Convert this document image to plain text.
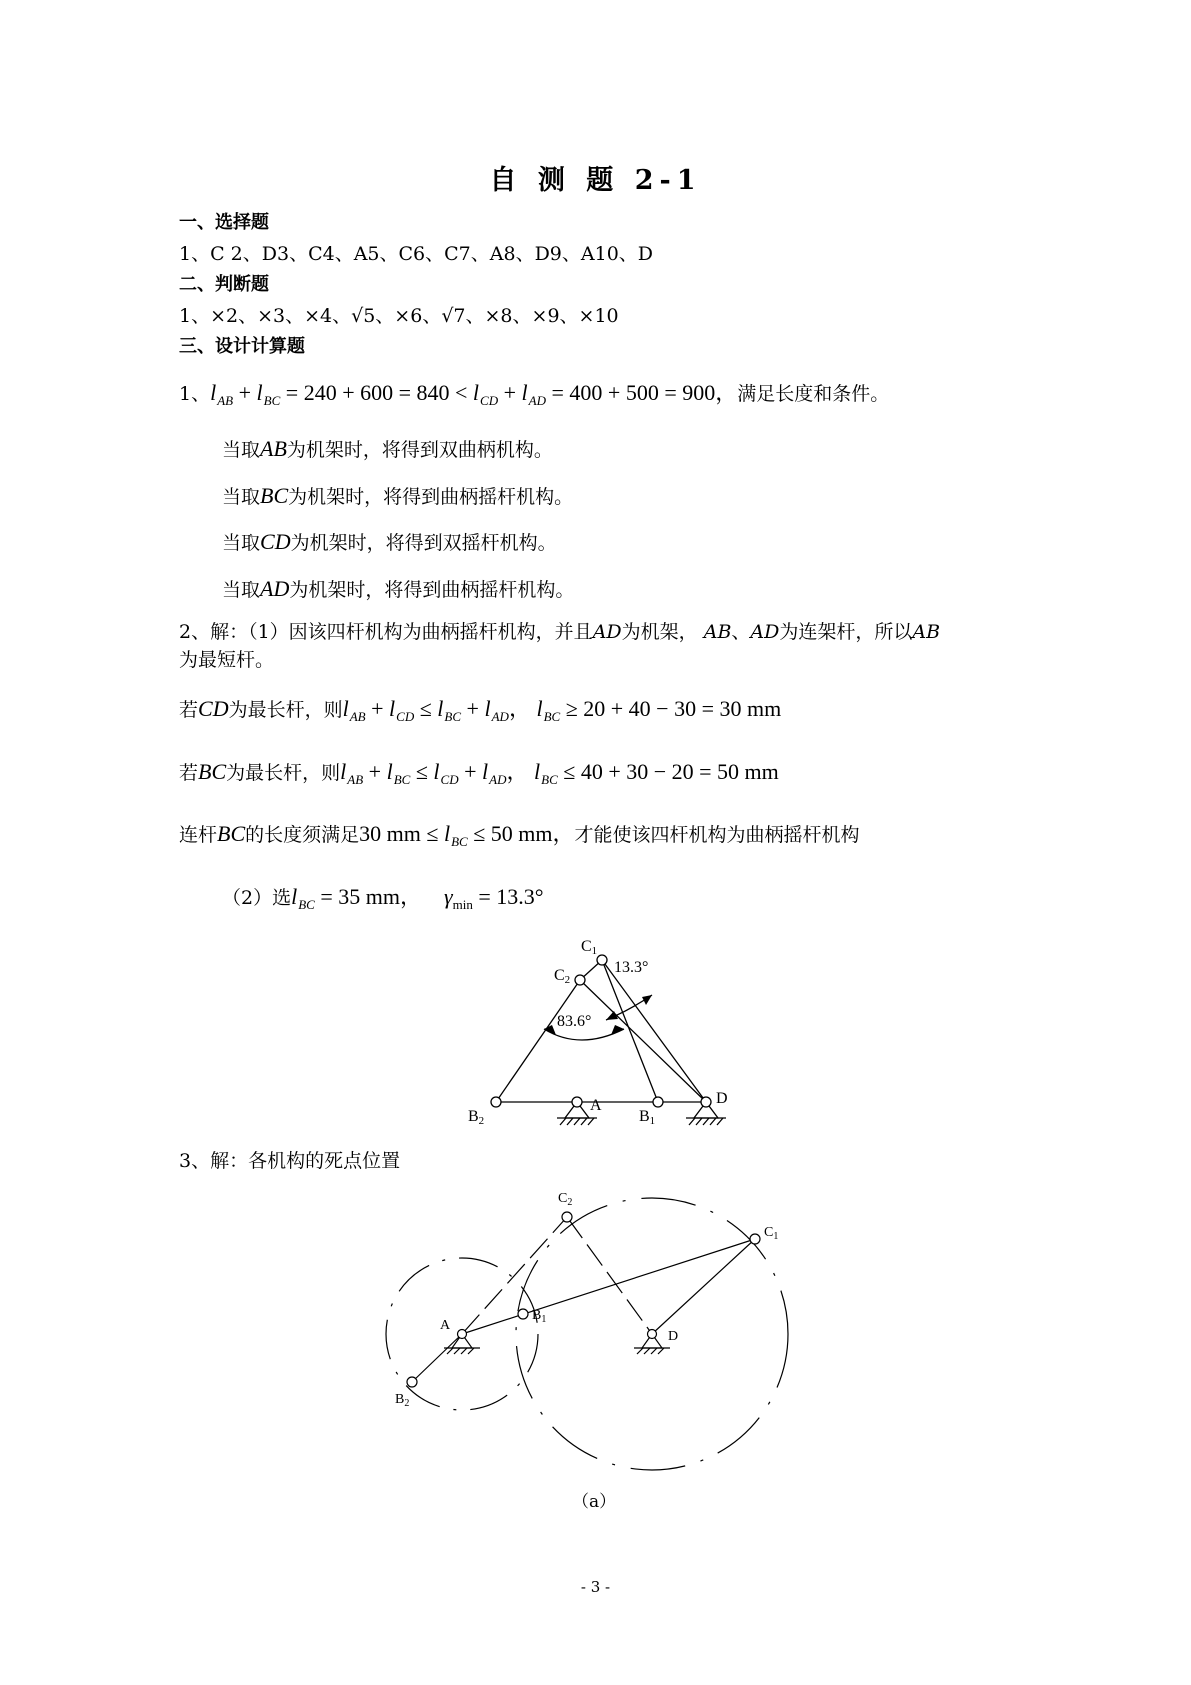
自 测 题 2-1
一、选择题
1、C 2、D3、C4、A5、C6、C7、A8、D9、A10、D
二、判断题
1、×2、×3、×4、√5、×6、√7、×8、×9、×10
三、设计计算题
1、$l_{AB} + l_{BC} = 240 + 600 = 840 < l_{CD} + l_{AD} = 400 + 500 = 900$，满足长度和条件。
当取AB为机架时，将得到双曲柄机构。
当取BC为机架时，将得到曲柄摇杆机构。
当取CD为机架时，将得到双摇杆机构。
当取AD为机架时，将得到曲柄摇杆机构。
2、解：（1）因该四杆机构为曲柄摇杆机构，并且AD为机架， AB、AD为连架杆，所以AB
为最短杆。
若CD为最长杆，则$l_{AB} + l_{CD} \le l_{BC} + l_{AD}$， $l_{BC} \ge 20 + 40 - 30 = 30$ mm
若BC为最长杆，则$l_{AB} + l_{BC} \le l_{CD} + l_{AD}$， $l_{BC} \le 40 + 30 - 20 = 50$ mm
连杆BC的长度须满足30 mm ≤ $l_{BC} \le 50$ mm，才能使该四杆机构为曲柄摇杆机构
（2）选$l_{BC} = 35$ mm， $\gamma_{min} = 13.3^\circ$
C1
C2
13.3°
83.6°
B2
A
B1
D
3、解：各机构的死点位置
$C_2$
$C_1$
A
$B_1$
D
$B_2$
（a）
- 3 -
